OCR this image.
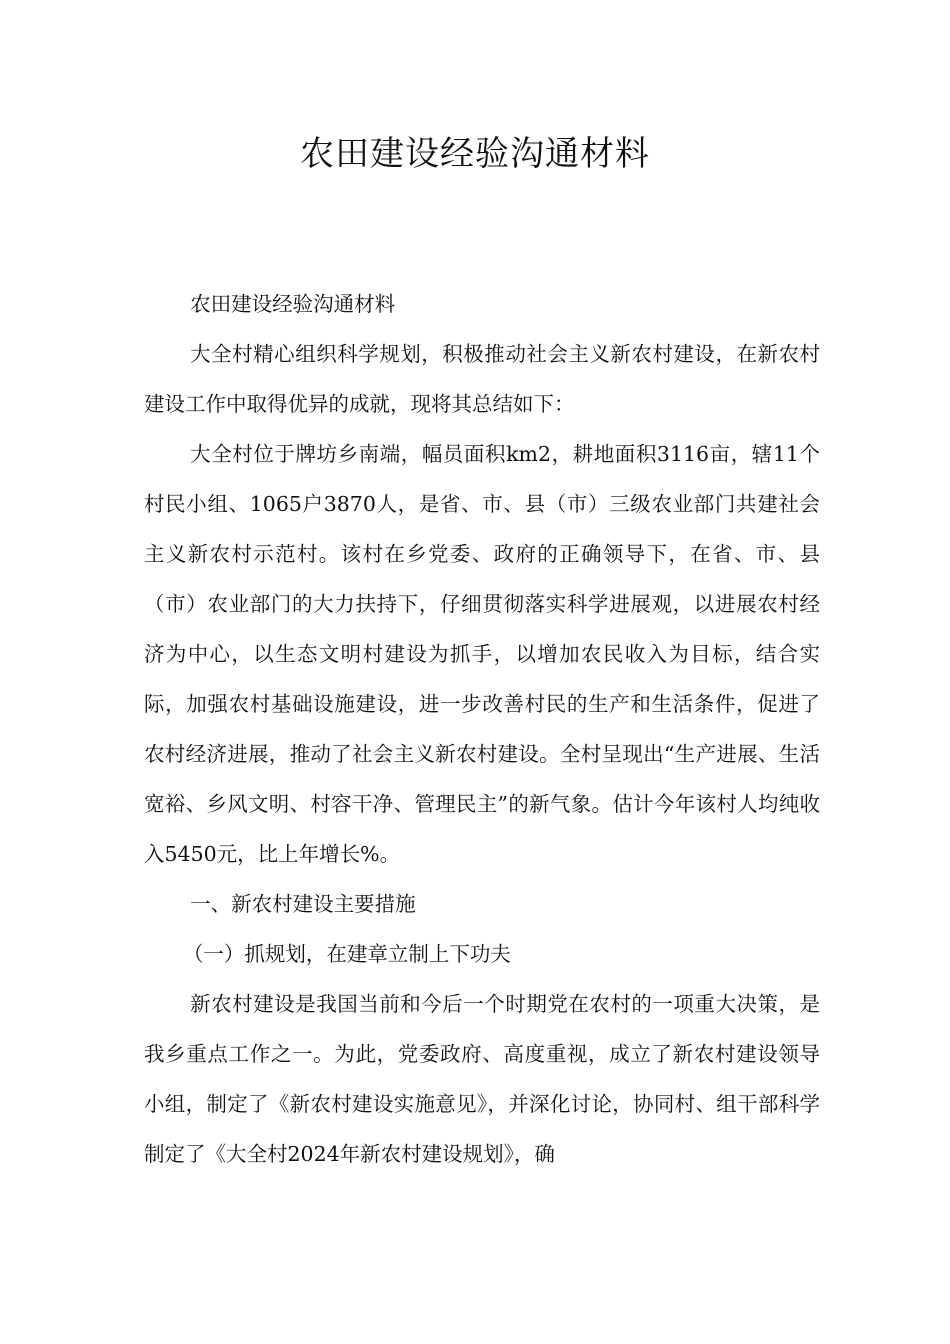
农田建设经验沟通材料

农田建设经验沟通材料

大全村精心组织科学规划，积极推动社会主义新农村建设，在新农村建设工作中取得优异的成就，现将其总结如下：

大全村位于牌坊乡南端，幅员面积km2，耕地面积3116亩，辖11个村民小组、1065户3870人，是省、市、县（市）三级农业部门共建社会主义新农村示范村。该村在乡党委、政府的正确领导下，在省、市、县（市）农业部门的大力扶持下，仔细贯彻落实科学进展观，以进展农村经济为中心，以生态文明村建设为抓手，以增加农民收入为目标，结合实际，加强农村基础设施建设，进一步改善村民的生产和生活条件，促进了农村经济进展，推动了社会主义新农村建设。全村呈现出“生产进展、生活宽裕、乡风文明、村容干净、管理民主”的新气象。估计今年该村人均纯收入5450元，比上年增长%。

一、新农村建设主要措施

（一）抓规划，在建章立制上下功夫

新农村建设是我国当前和今后一个时期党在农村的一项重大决策，是我乡重点工作之一。为此，党委政府、高度重视，成立了新农村建设领导小组，制定了《新农村建设实施意见》，并深化讨论，协同村、组干部科学制定了《大全村2024年新农村建设规划》，确
